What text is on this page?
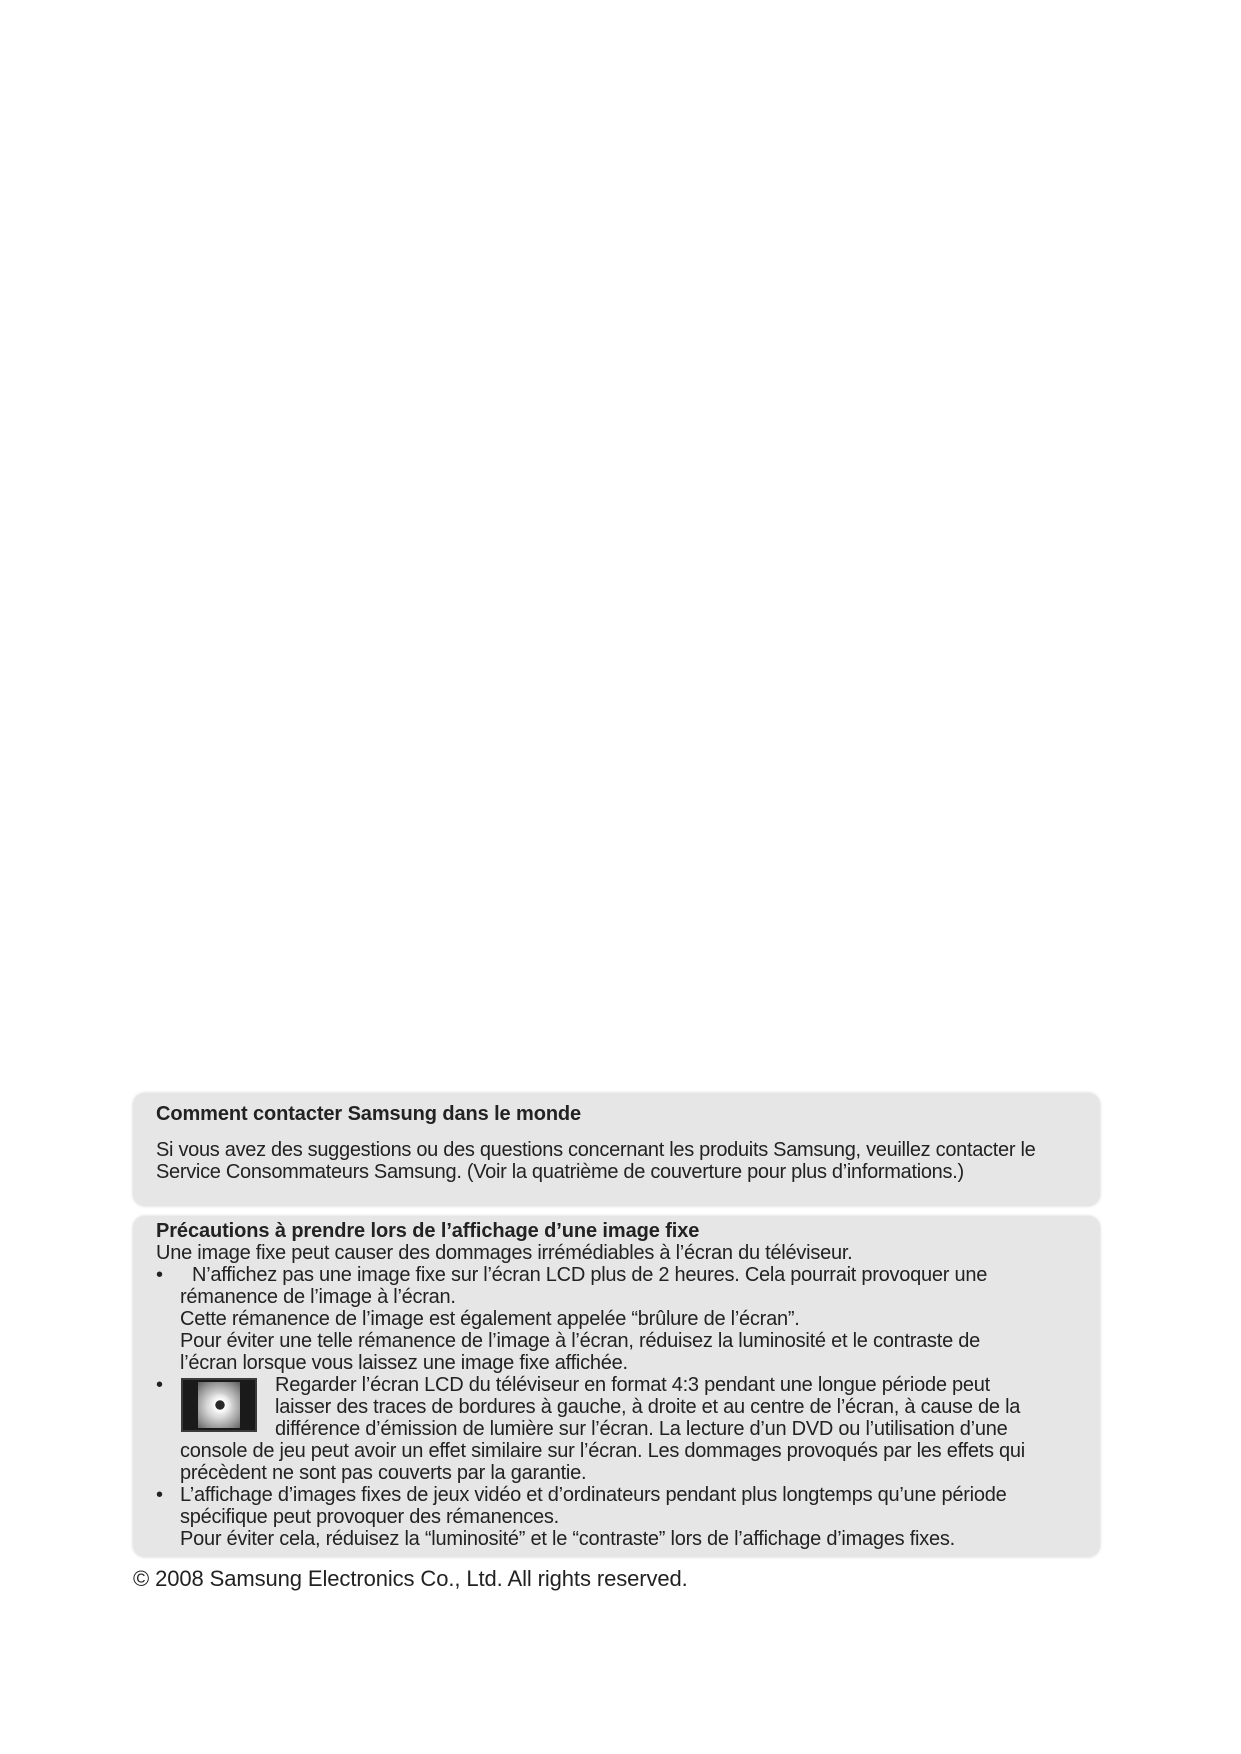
Comment contacter Samsung dans le monde

Si vous avez des suggestions ou des questions concernant les produits Samsung, veuillez contacter le
Service Consommateurs Samsung. (Voir la quatrième de couverture pour plus d’informations.)

Précautions à prendre lors de l’affichage d’une image fixe

Une image fixe peut causer des dommages irrémédiables à l’écran du téléviseur.

•	N’affichez pas une image fixe sur l’écran LCD plus de 2 heures. Cela pourrait provoquer une

rémanence de l’image à l’écran.

Cette rémanence de l’image est également appelée “brûlure de l’écran”.

Pour éviter une telle rémanence de l’image à l’écran, réduisez la luminosité et le contraste de

l’écran lorsque vous laissez une image fixe affichée.

•	Regarder l’écran LCD du téléviseur en format 4:3 pendant une longue période peut

laisser des traces de bordures à gauche, à droite et au centre de l’écran, à cause de la

différence d’émission de lumière sur l’écran. La lecture d’un DVD ou l’utilisation d’une

console de jeu peut avoir un effet similaire sur l’écran. Les dommages provoqués par les effets qui

précèdent ne sont pas couverts par la garantie.

• L’affichage d’images fixes de jeux vidéo et d’ordinateurs pendant plus longtemps qu’une période

spécifique peut provoquer des rémanences.

Pour éviter cela, réduisez la “luminosité” et le “contraste” lors de l’affichage d’images fixes.

© 2008 Samsung Electronics Co., Ltd. All rights reserved.
